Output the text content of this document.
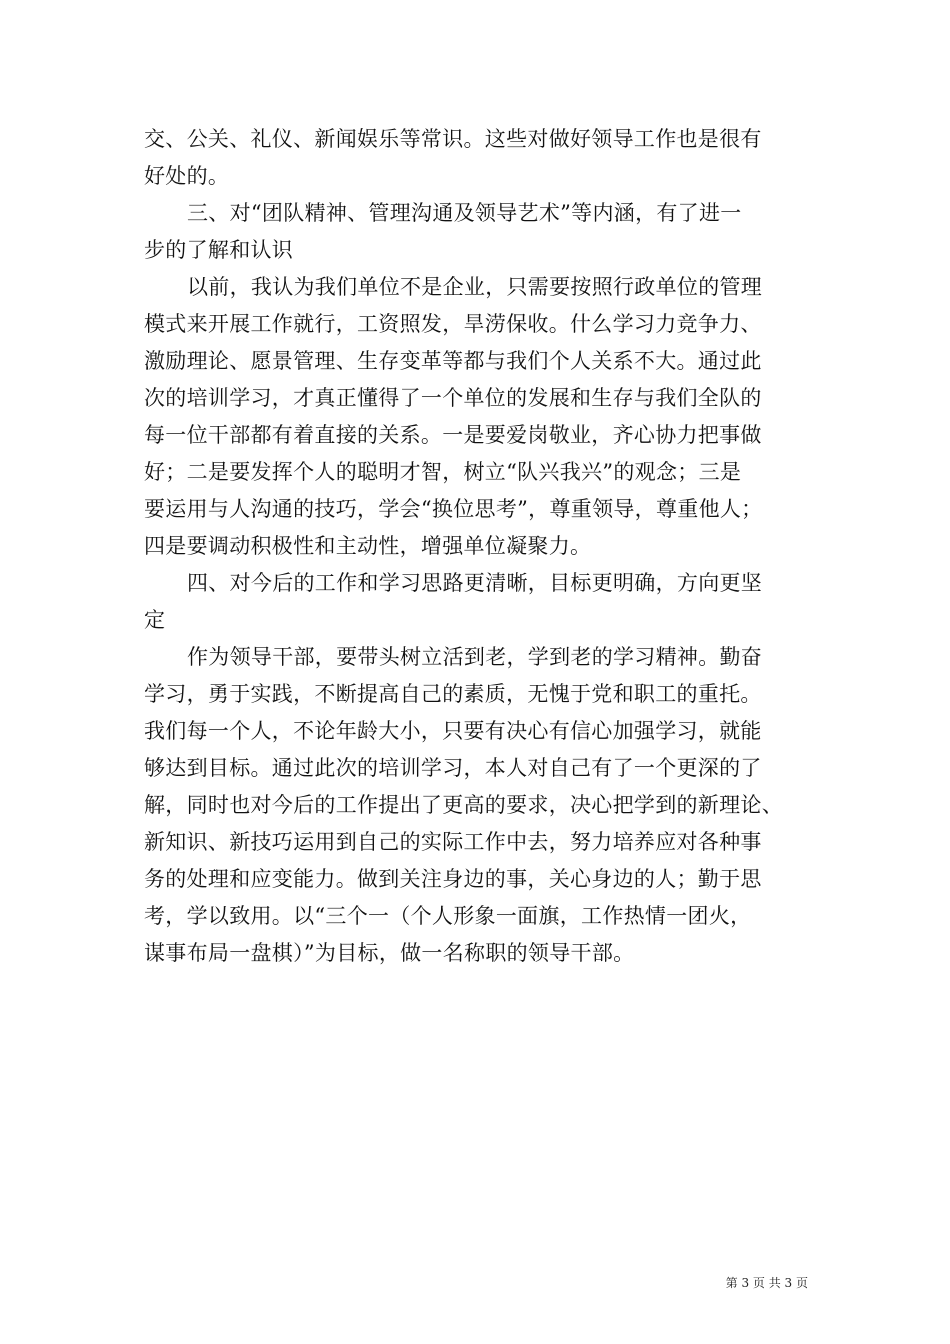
交、公关、礼仪、新闻娱乐等常识。这些对做好领导工作也是很有
好处的。
三、对“团队精神、管理沟通及领导艺术”等内涵，有了进一
步的了解和认识
以前，我认为我们单位不是企业，只需要按照行政单位的管理
模式来开展工作就行，工资照发，旱涝保收。什么学习力竞争力、
激励理论、愿景管理、生存变革等都与我们个人关系不大。通过此
次的培训学习，才真正懂得了一个单位的发展和生存与我们全队的
每一位干部都有着直接的关系。一是要爱岗敬业，齐心协力把事做
好；二是要发挥个人的聪明才智，树立“队兴我兴”的观念；三是
要运用与人沟通的技巧，学会“换位思考”，尊重领导，尊重他人；
四是要调动积极性和主动性，增强单位凝聚力。
四、对今后的工作和学习思路更清晰，目标更明确，方向更坚
定
作为领导干部，要带头树立活到老，学到老的学习精神。勤奋
学习，勇于实践，不断提高自己的素质，无愧于党和职工的重托。
我们每一个人，不论年龄大小，只要有决心有信心加强学习，就能
够达到目标。通过此次的培训学习，本人对自己有了一个更深的了
解，同时也对今后的工作提出了更高的要求，决心把学到的新理论、
新知识、新技巧运用到自己的实际工作中去，努力培养应对各种事
务的处理和应变能力。做到关注身边的事，关心身边的人；勤于思
考，学以致用。以“三个一（个人形象一面旗，工作热情一团火，
谋事布局一盘棋）”为目标，做一名称职的领导干部。
第 3 页 共 3 页
